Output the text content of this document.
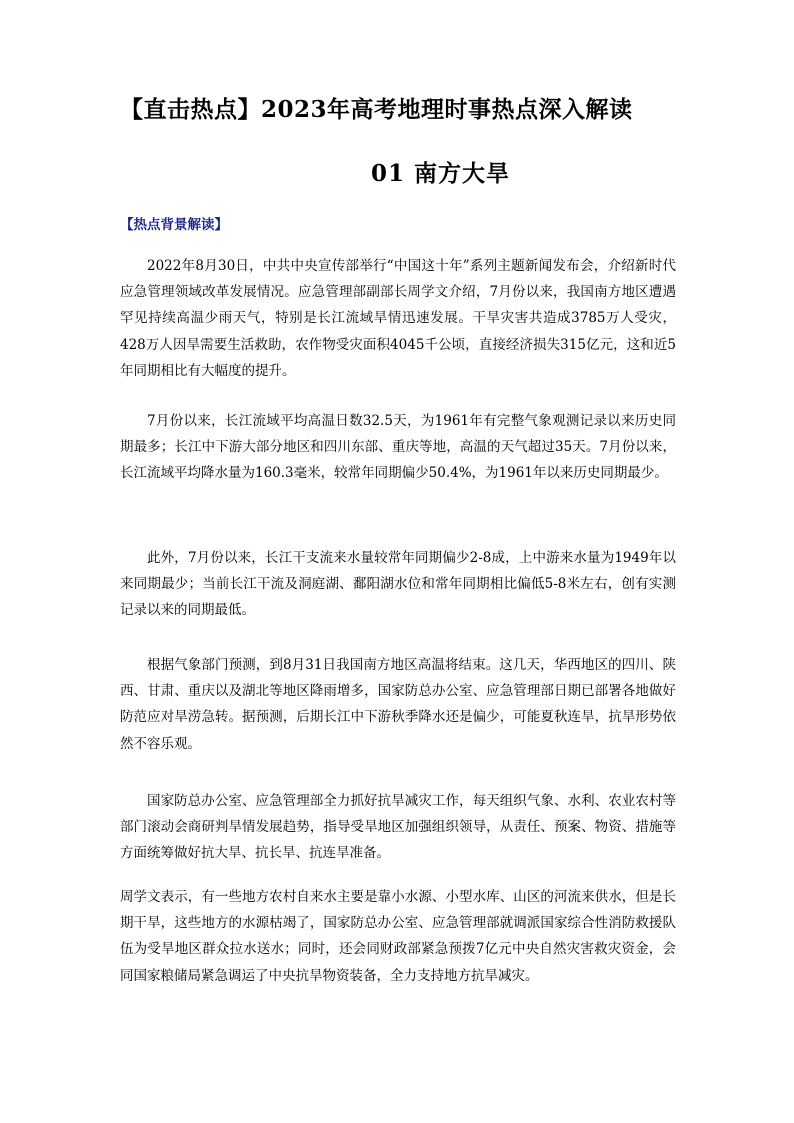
【直击热点】2023年高考地理时事热点深入解读
01 南方大旱
【热点背景解读】

2022年8月30日，中共中央宣传部举行“中国这十年”系列主题新闻发布会，介绍新时代应急管理领域改革发展情况。应急管理部副部长周学文介绍，7月份以来，我国南方地区遭遇罕见持续高温少雨天气，特别是长江流域旱情迅速发展。干旱灾害共造成3785万人受灾，428万人因旱需要生活救助，农作物受灾面积4045千公顷，直接经济损失315亿元，这和近5年同期相比有大幅度的提升。

7月份以来，长江流域平均高温日数32.5天，为1961年有完整气象观测记录以来历史同期最多；长江中下游大部分地区和四川东部、重庆等地，高温的天气超过35天。7月份以来，长江流域平均降水量为160.3毫米，较常年同期偏少50.4%，为1961年以来历史同期最少。

此外，7月份以来，长江干支流来水量较常年同期偏少2-8成，上中游来水量为1949年以来同期最少；当前长江干流及洞庭湖、鄱阳湖水位和常年同期相比偏低5-8米左右，创有实测记录以来的同期最低。

根据气象部门预测，到8月31日我国南方地区高温将结束。这几天，华西地区的四川、陕西、甘肃、重庆以及湖北等地区降雨增多，国家防总办公室、应急管理部日期已部署各地做好防范应对旱涝急转。据预测，后期长江中下游秋季降水还是偏少，可能夏秋连旱，抗旱形势依然不容乐观。

国家防总办公室、应急管理部全力抓好抗旱减灾工作，每天组织气象、水利、农业农村等部门滚动会商研判旱情发展趋势，指导受旱地区加强组织领导，从责任、预案、物资、措施等方面统筹做好抗大旱、抗长旱、抗连旱准备。

周学文表示，有一些地方农村自来水主要是靠小水源、小型水库、山区的河流来供水，但是长期干旱，这些地方的水源枯竭了，国家防总办公室、应急管理部就调派国家综合性消防救援队伍为受旱地区群众拉水送水；同时，还会同财政部紧急预拨7亿元中央自然灾害救灾资金，会同国家粮储局紧急调运了中央抗旱物资装备，全力支持地方抗旱减灾。
